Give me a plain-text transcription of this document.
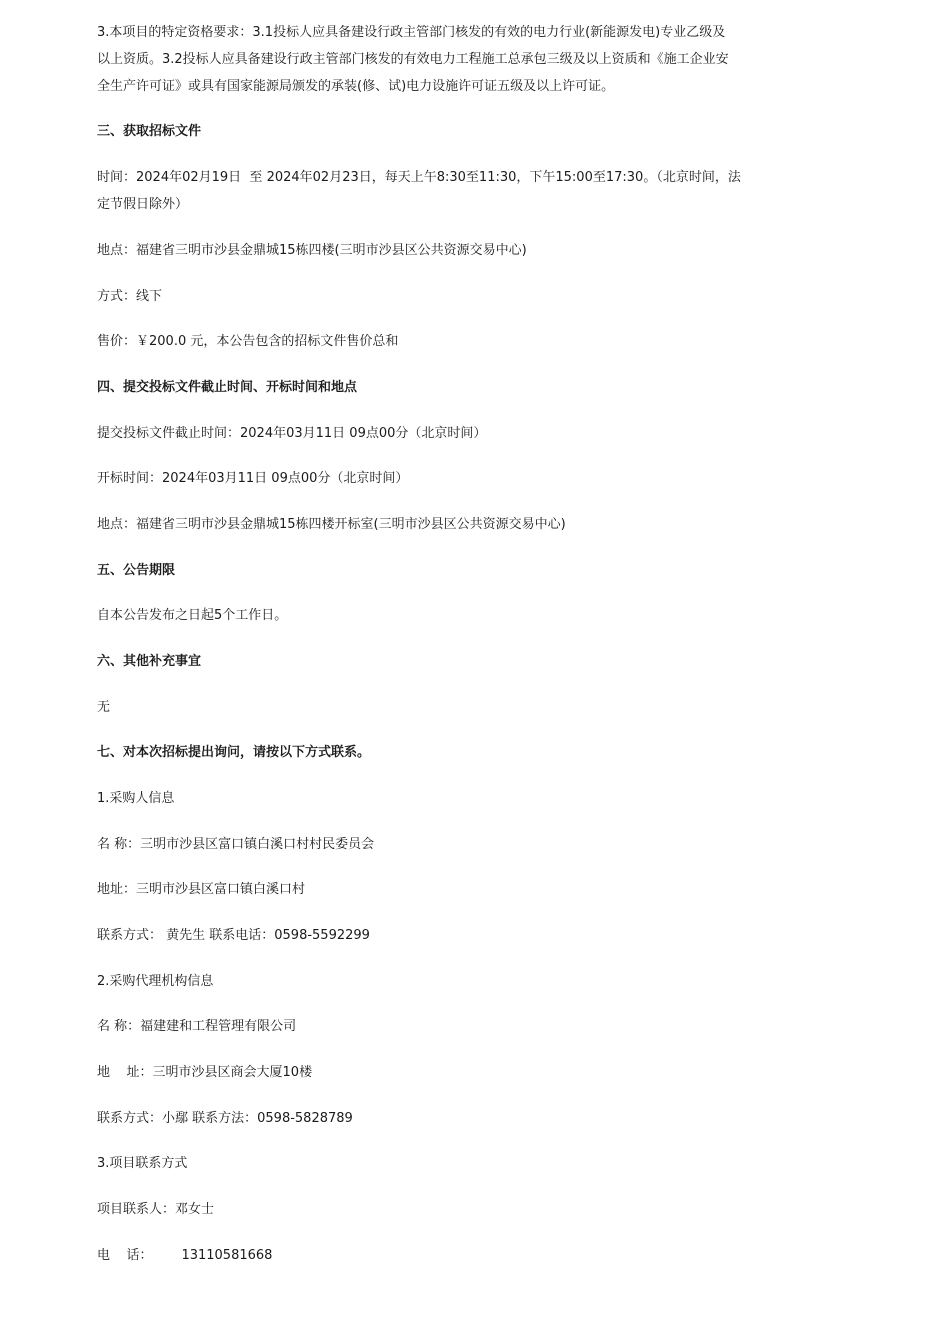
3.本项目的特定资格要求：3.1投标人应具备建设行政主管部门核发的有效的电力行业(新能源发电)专业乙级及

以上资质。3.2投标人应具备建设行政主管部门核发的有效电力工程施工总承包三级及以上资质和《施工企业安

全生产许可证》或具有国家能源局颁发的承装(修、试)电力设施许可证五级及以上许可证。

三、获取招标文件

时间：2024年02月19日  至 2024年02月23日，每天上午8:30至11:30，下午15:00至17:30。（北京时间，法

定节假日除外）

地点：福建省三明市沙县金鼎城15栋四楼(三明市沙县区公共资源交易中心)

方式：线下

售价：￥200.0 元，本公告包含的招标文件售价总和

四、提交投标文件截止时间、开标时间和地点

提交投标文件截止时间：2024年03月11日 09点00分（北京时间）

开标时间：2024年03月11日 09点00分（北京时间）

地点：福建省三明市沙县金鼎城15栋四楼开标室(三明市沙县区公共资源交易中心)

五、公告期限

自本公告发布之日起5个工作日。

六、其他补充事宜

无

七、对本次招标提出询问，请按以下方式联系。

1.采购人信息

名 称：三明市沙县区富口镇白溪口村村民委员会

地址：三明市沙县区富口镇白溪口村

联系方式： 黄先生 联系电话：0598-5592299

2.采购代理机构信息

名 称：福建建和工程管理有限公司

地    址：三明市沙县区商会大厦10楼

联系方式：小鄢 联系方法：0598-5828789

3.项目联系方式

项目联系人：邓女士

电    话：       13110581668
